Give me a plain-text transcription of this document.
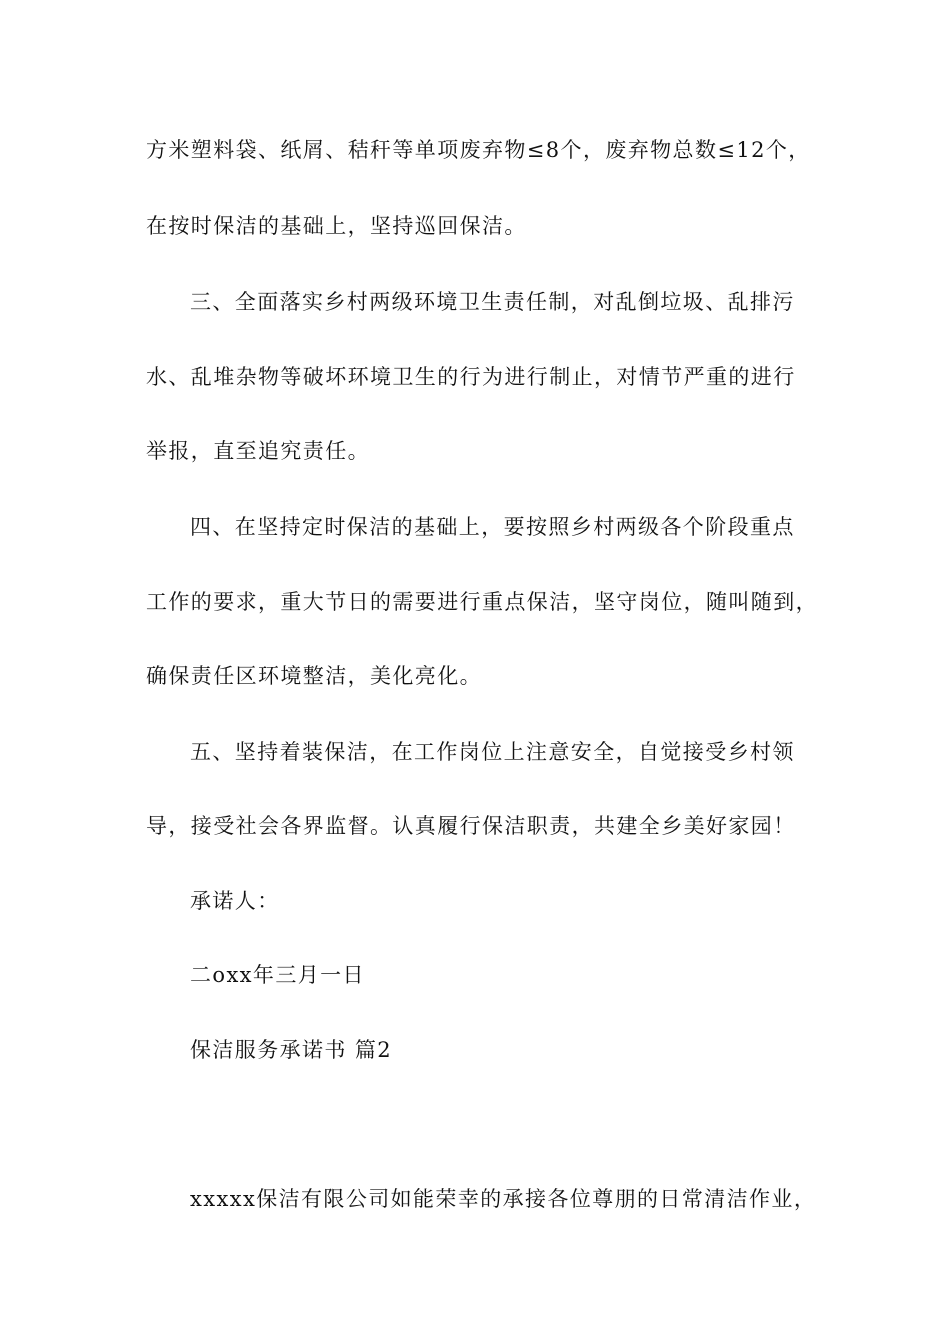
方米塑料袋、纸屑、秸秆等单项废弃物≤8个，废弃物总数≤12个，
在按时保洁的基础上，坚持巡回保洁。
三、全面落实乡村两级环境卫生责任制，对乱倒垃圾、乱排污
水、乱堆杂物等破坏环境卫生的行为进行制止，对情节严重的进行
举报，直至追究责任。
四、在坚持定时保洁的基础上，要按照乡村两级各个阶段重点
工作的要求，重大节日的需要进行重点保洁，坚守岗位，随叫随到，
确保责任区环境整洁，美化亮化。
五、坚持着装保洁，在工作岗位上注意安全，自觉接受乡村领
导，接受社会各界监督。认真履行保洁职责，共建全乡美好家园！
承诺人：
二oxx年三月一日
保洁服务承诺书 篇2
xxxxx保洁有限公司如能荣幸的承接各位尊朋的日常清洁作业，
